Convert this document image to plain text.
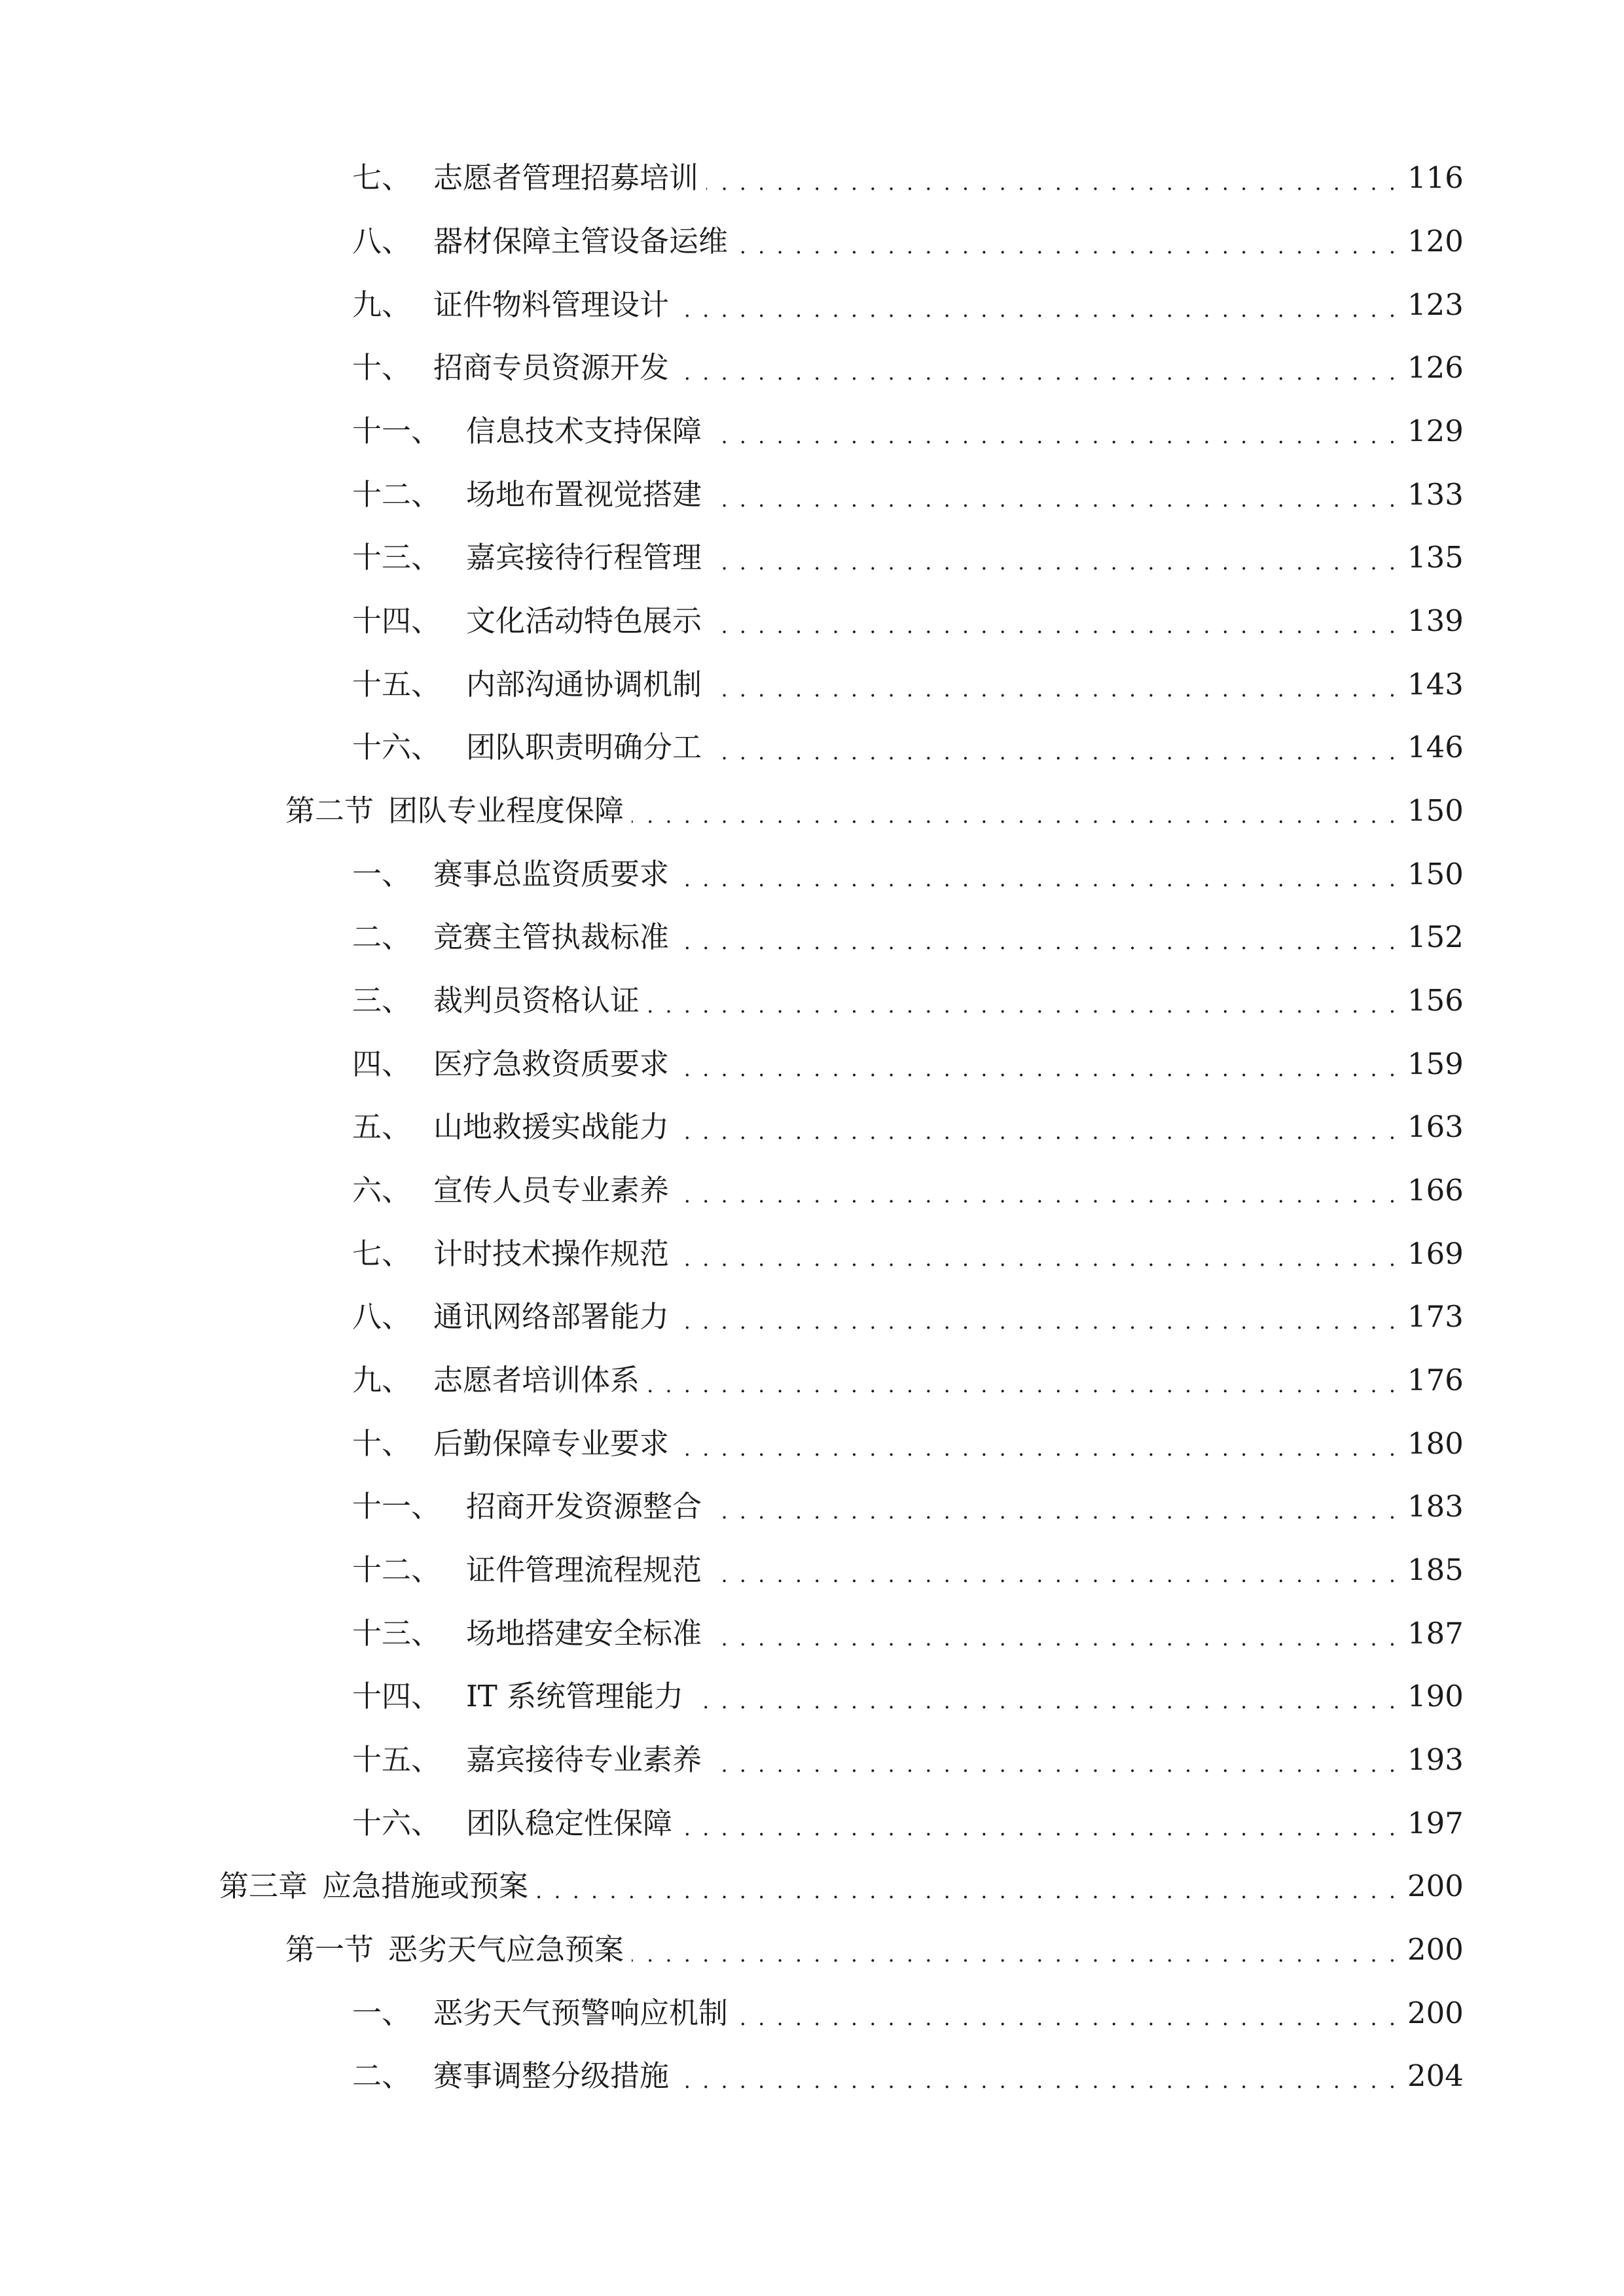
七、 志愿者管理招募培训 . . .	116
八、 器材保障主管设备运维 . . .	120
九、 证件物料管理设计 . . .	123
十、 招商专员资源开发 . . .	126
十一、 信息技术支持保障 . . .	129
十二、 场地布置视觉搭建 . . .	133
十三、 嘉宾接待行程管理 . . .	135
十四、 文化活动特色展示 . . .	139
十五、 内部沟通协调机制 . . .	143
十六、 团队职责明确分工 . . .	146
第二节 团队专业程度保障 . . .	150
一、 赛事总监资质要求 . . .	150
二、 竞赛主管执裁标准 . . .	152
三、 裁判员资格认证 . . .	156
四、 医疗急救资质要求 . . .	159
五、 山地救援实战能力 . . .	163
六、 宣传人员专业素养 . . .	166
七、 计时技术操作规范 . . .	169
八、 通讯网络部署能力 . . .	173
九、 志愿者培训体系 . . .	176
十、 后勤保障专业要求 . . .	180
十一、 招商开发资源整合 . . .	183
十二、 证件管理流程规范 . . .	185
十三、 场地搭建安全标准 . . .	187
十四、 IT 系统管理能力 . . .	190
十五、 嘉宾接待专业素养 . . .	193
十六、 团队稳定性保障 . . .	197
第三章 应急措施或预案 . . .	200
第一节 恶劣天气应急预案 . . .	200
一、 恶劣天气预警响应机制 . . .	200
二、 赛事调整分级措施 . . .	204
